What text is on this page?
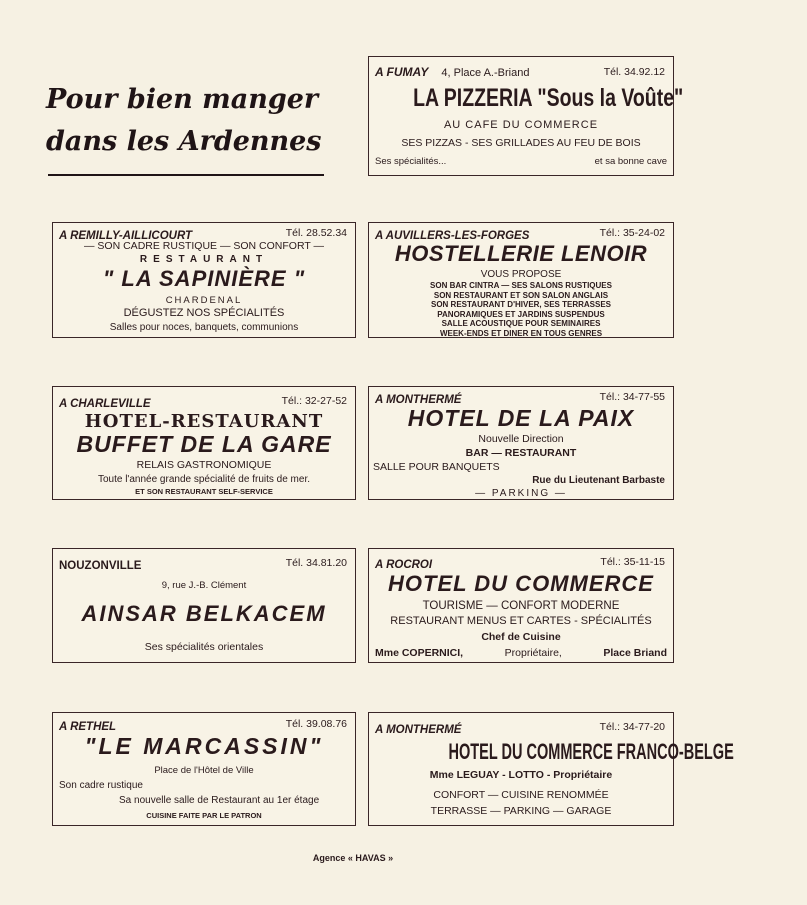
Pour bien manger
dans les Ardennes
A FUMAY 4, Place A.-Briand	Tél. 34.92.12
LA PIZZERIA "Sous la Voûte"
AU CAFE DU COMMERCE
SES PIZZAS - SES GRILLADES AU FEU DE BOIS
Ses spécialités...	et sa bonne cave
A REMILLY-AILLICOURT	Tél. 28.52.34
— SON CADRE RUSTIQUE — SON CONFORT —
RESTAURANT
" LA SAPINIÈRE "
CHARDENAL
DÉGUSTEZ NOS SPÉCIALITÉS
Salles pour noces, banquets, communions
A AUVILLERS-LES-FORGES	Tél.: 35-24-02
HOSTELLERIE LENOIR
VOUS PROPOSE
SON BAR CINTRA — SES SALONS RUSTIQUES
SON RESTAURANT ET SON SALON ANGLAIS
SON RESTAURANT D'HIVER, SES TERRASSES
PANORAMIQUES ET JARDINS SUSPENDUS
SALLE ACOUSTIQUE POUR SEMINAIRES
WEEK-ENDS ET DINER EN TOUS GENRES
A CHARLEVILLE	Tél.: 32-27-52
HOTEL-RESTAURANT
BUFFET DE LA GARE
RELAIS GASTRONOMIQUE
Toute l'année grande spécialité de fruits de mer.
ET SON RESTAURANT SELF-SERVICE
A MONTHERMÉ	Tél.: 34-77-55
HOTEL DE LA PAIX
Nouvelle Direction
BAR — RESTAURANT
SALLE POUR BANQUETS
Rue du Lieutenant Barbaste
— PARKING —
NOUZONVILLE	Tél. 34.81.20
9, rue J.-B. Clément
AINSAR BELKACEM
Ses spécialités orientales
A ROCROI	Tél.: 35-11-15
HOTEL DU COMMERCE
TOURISME — CONFORT MODERNE
RESTAURANT MENUS ET CARTES - SPÉCIALITÉS
Chef de Cuisine
Mme COPERNICI,	Propriétaire,	Place Briand
A RETHEL	Tél. 39.08.76
"LE MARCASSIN"
Place de l'Hôtel de Ville
Son cadre rustique
Sa nouvelle salle de Restaurant au 1er étage
CUISINE FAITE PAR LE PATRON
A MONTHERMÉ	Tél.: 34-77-20
HOTEL DU COMMERCE FRANCO-BELGE
Mme LEGUAY - LOTTO - Propriétaire
CONFORT — CUISINE RENOMMÉE
TERRASSE — PARKING — GARAGE
Agence « HAVAS »
